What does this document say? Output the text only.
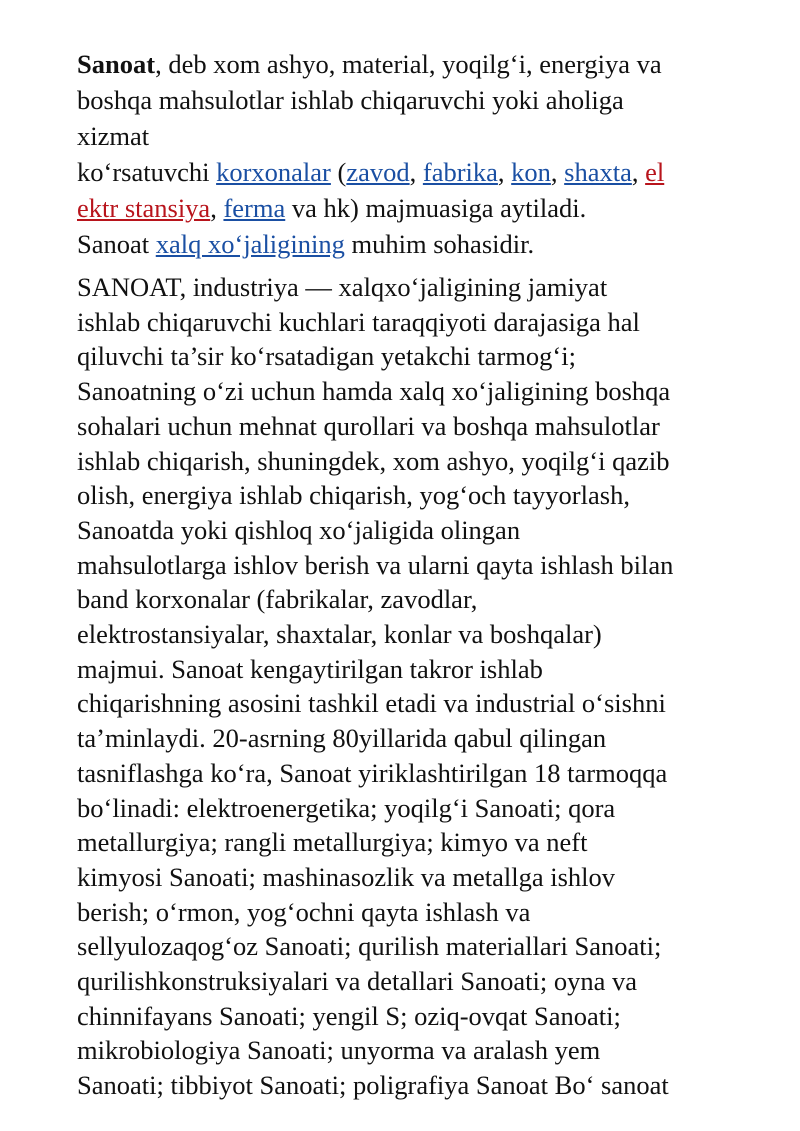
Sanoat, deb xom ashyo, material, yoqilg‘i, energiya va
boshqa mahsulotlar ishlab chiqaruvchi yoki aholiga
xizmat
ko‘rsatuvchi korxonalar (zavod, fabrika, kon, shaxta, el
ektr stansiya, ferma va hk) majmuasiga aytiladi.
Sanoat xalq xo‘jaligining muhim sohasidir.

SANOAT, industriya — xalqxo‘jaligining jamiyat
ishlab chiqaruvchi kuchlari taraqqiyoti darajasiga hal
qiluvchi ta’sir ko‘rsatadigan yetakchi tarmog‘i;
Sanoatning o‘zi uchun hamda xalq xo‘jaligining boshqa
sohalari uchun mehnat qurollari va boshqa mahsulotlar
ishlab chiqarish, shuningdek, xom ashyo, yoqilg‘i qazib
olish, energiya ishlab chiqarish, yog‘och tayyorlash,
Sanoatda yoki qishloq xo‘jaligida olingan
mahsulotlarga ishlov berish va ularni qayta ishlash bilan
band korxonalar (fabrikalar, zavodlar,
elektrostansiyalar, shaxtalar, konlar va boshqalar)
majmui. Sanoat kengaytirilgan takror ishlab
chiqarishning asosini tashkil etadi va industrial o‘sishni
ta’minlaydi. 20-asrning 80yillarida qabul qilingan
tasniflashga ko‘ra, Sanoat yiriklashtirilgan 18 tarmoqqa
bo‘linadi: elektroenergetika; yoqilg‘i Sanoati; qora
metallurgiya; rangli metallurgiya; kimyo va neft
kimyosi Sanoati; mashinasozlik va metallga ishlov
berish; o‘rmon, yog‘ochni qayta ishlash va
sellyulozaqog‘oz Sanoati; qurilish materiallari Sanoati;
qurilishkonstruksiyalari va detallari Sanoati; oyna va
chinnifayans Sanoati; yengil S; oziq-ovqat Sanoati;
mikrobiologiya Sanoati; unyorma va aralash yem
Sanoati; tibbiyot Sanoati; poligrafiya Sanoat Bo‘ sanoat
